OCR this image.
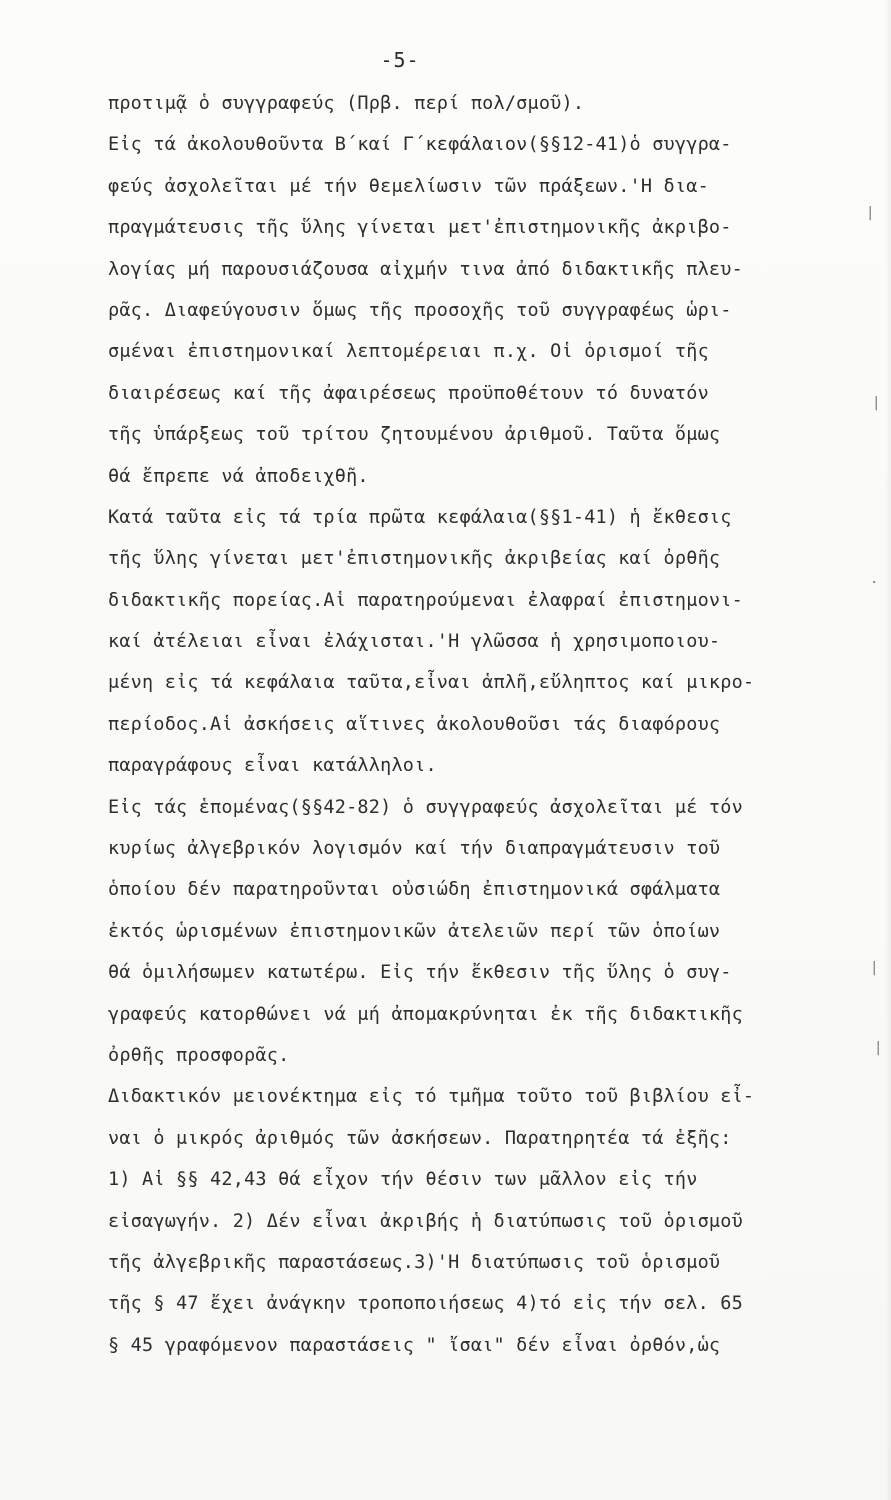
-5-
προτιμᾷ ὁ συγγραφεύς (Πρβ. περί πολ/σμοῦ).
Εἰς τά ἀκολουθοῦντα Β΄καί Γ΄κεφάλαιον(§§12-41)ὁ συγγρα-
φεύς ἀσχολεῖται μέ τήν θεμελίωσιν τῶν πράξεων.'Η δια-
πραγμάτευσις τῆς ὕλης γίνεται μετ'ἐπιστημονικῆς ἀκριβο-
λογίας μή παρουσιάζουσα αἰχμήν τινα ἀπό διδακτικῆς πλευ-
ρᾶς. Διαφεύγουσιν ὅμως τῆς προσοχῆς τοῦ συγγραφέως ὡρι-
σμέναι ἐπιστημονικαί λεπτομέρειαι π.χ. Οἱ ὁρισμοί τῆς
διαιρέσεως καί τῆς ἀφαιρέσεως προϋποθέτουν τό δυνατόν
τῆς ὑπάρξεως τοῦ τρίτου ζητουμένου ἀριθμοῦ. Ταῦτα ὅμως
θά ἔπρεπε νά ἀποδειχθῆ.
Κατά ταῦτα εἰς τά τρία πρῶτα κεφάλαια(§§1-41) ἡ ἔκθεσις
τῆς ὕλης γίνεται μετ'ἐπιστημονικῆς ἀκριβείας καί ὀρθῆς
διδακτικῆς πορείας.Αἱ παρατηρούμεναι ἐλαφραί ἐπιστημονι-
καί ἀτέλειαι εἶναι ἐλάχισται.'Η γλῶσσα ἡ χρησιμοποιου-
μένη εἰς τά κεφάλαια ταῦτα,εἶναι ἁπλῆ,εὔληπτος καί μικρο-
περίοδος.Αἱ ἀσκήσεις αἵτινες ἀκολουθοῦσι τάς διαφόρους
παραγράφους εἶναι κατάλληλοι.
Εἰς τάς ἑπομένας(§§42-82) ὁ συγγραφεύς ἀσχολεῖται μέ τόν
κυρίως ἀλγεβρικόν λογισμόν καί τήν διαπραγμάτευσιν τοῦ
ὁποίου δέν παρατηροῦνται οὐσιώδη ἐπιστημονικά σφάλματα
ἐκτός ὡρισμένων ἐπιστημονικῶν ἀτελειῶν περί τῶν ὁποίων
θά ὁμιλήσωμεν κατωτέρω. Εἰς τήν ἔκθεσιν τῆς ὕλης ὁ συγ-
γραφεύς κατορθώνει νά μή ἀπομακρύνηται ἐκ τῆς διδακτικῆς
ὀρθῆς προσφορᾶς.
Διδακτικόν μειονέκτημα εἰς τό τμῆμα τοῦτο τοῦ βιβλίου εἶ-
ναι ὁ μικρός ἀριθμός τῶν ἀσκήσεων. Παρατηρητέα τά ἑξῆς:
1) Αἱ §§ 42,43 θά εἶχον τήν θέσιν των μᾶλλον εἰς τήν
εἰσαγωγήν. 2) Δέν εἶναι ἀκριβής ἡ διατύπωσις τοῦ ὁρισμοῦ
τῆς ἀλγεβρικῆς παραστάσεως.3)'Η διατύπωσις τοῦ ὁρισμοῦ
τῆς § 47 ἔχει ἀνάγκην τροποποιήσεως 4)τό εἰς τήν σελ. 65
§ 45 γραφόμενον παραστάσεις " ἴσαι" δέν εἶναι ὀρθόν,ὡς
|
|
·
|
|
